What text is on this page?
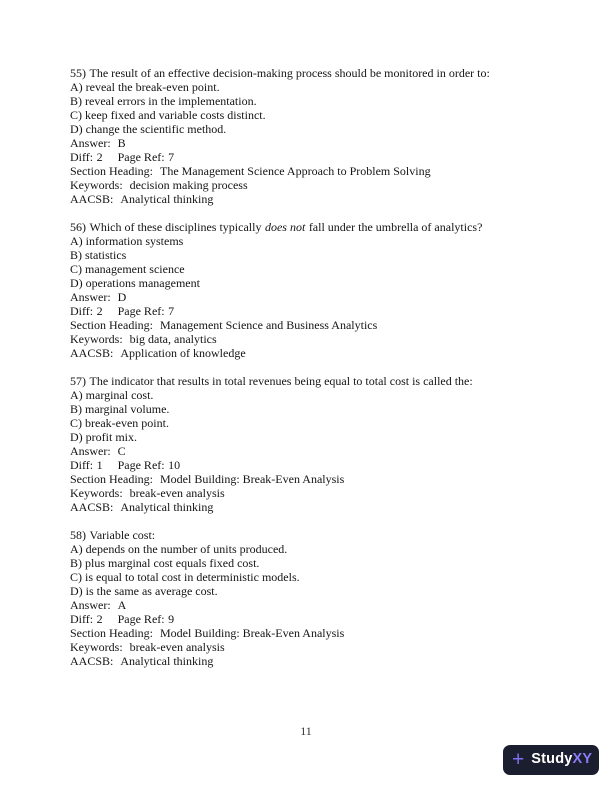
55) The result of an effective decision-making process should be monitored in order to:

A) reveal the break-even point.

B) reveal errors in the implementation.

C) keep fixed and variable costs distinct.

D) change the scientific method.

Answer: B

Diff: 2 Page Ref: 7

Section Heading: The Management Science Approach to Problem Solving

Keywords: decision making process

AACSB: Analytical thinking

56) Which of these disciplines typically does not fall under the umbrella of analytics?

A) information systems

B) statistics

C) management science

D) operations management

Answer: D

Diff: 2 Page Ref: 7

Section Heading: Management Science and Business Analytics

Keywords: big data, analytics

AACSB: Application of knowledge

57) The indicator that results in total revenues being equal to total cost is called the:

A) marginal cost.

B) marginal volume.

C) break-even point.

D) profit mix.

Answer: C

Diff: 1 Page Ref: 10

Section Heading: Model Building: Break-Even Analysis

Keywords: break-even analysis

AACSB: Analytical thinking

58) Variable cost:

A) depends on the number of units produced.

B) plus marginal cost equals fixed cost.

C) is equal to total cost in deterministic models.

D) is the same as average cost.

Answer: A

Diff: 2 Page Ref: 9

Section Heading: Model Building: Break-Even Analysis

Keywords: break-even analysis

AACSB: Analytical thinking

11
+ StudyXY
